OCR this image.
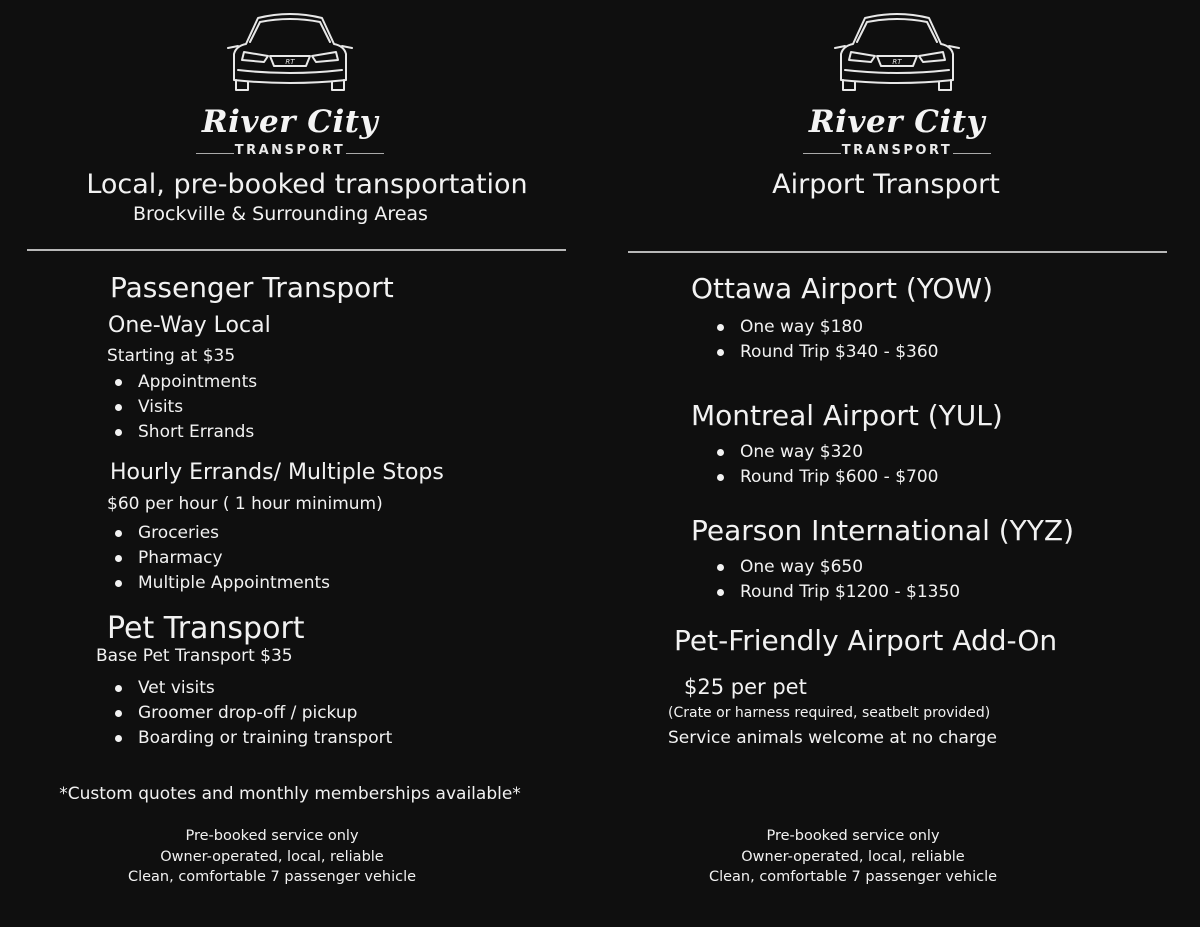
RT
River City
TRANSPORT
Local, pre-booked transportation
Brockville & Surrounding Areas
Passenger Transport
One-Way Local
Starting at $35
Appointments
Visits
Short Errands
Hourly Errands/ Multiple Stops
$60 per hour ( 1 hour minimum)
Groceries
Pharmacy
Multiple Appointments
Pet Transport
Base Pet Transport $35
Vet visits
Groomer drop-off / pickup
Boarding or training transport
*Custom quotes and monthly memberships available*
Pre-booked service only
Owner-operated, local, reliable
Clean, comfortable 7 passenger vehicle
RT
River City
TRANSPORT
Airport Transport
Ottawa Airport (YOW)
One way $180
Round Trip $340 - $360
Montreal Airport (YUL)
One way $320
Round Trip $600 - $700
Pearson International (YYZ)
One way $650
Round Trip $1200 - $1350
Pet-Friendly Airport Add-On
$25 per pet
(Crate or harness required, seatbelt provided)
Service animals welcome at no charge
Pre-booked service only
Owner-operated, local, reliable
Clean, comfortable 7 passenger vehicle
